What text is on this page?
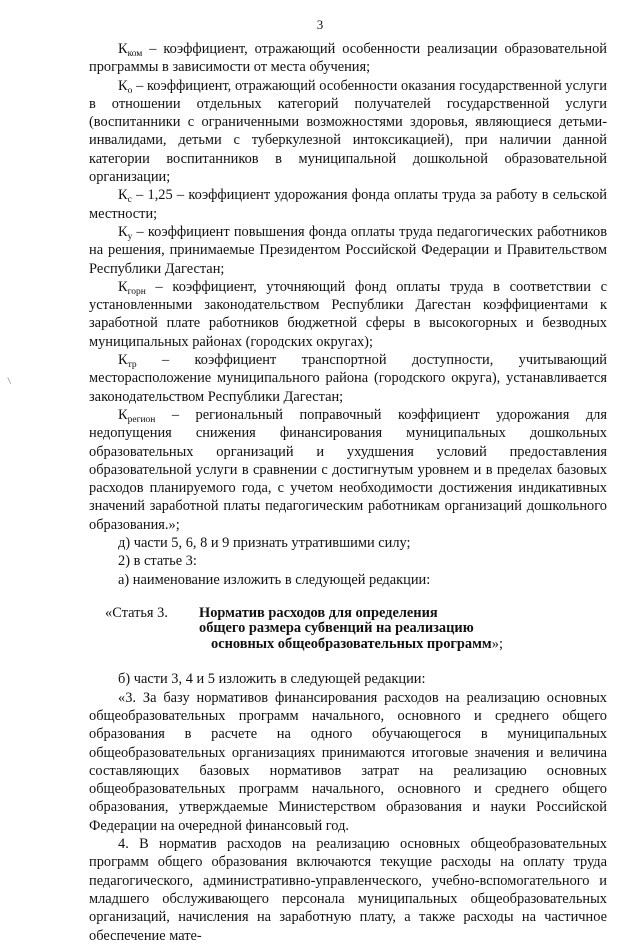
3
\

$К_{ком}$ – коэффициент, отражающий особенности реализации образовательной программы в зависимости от места обучения;

$К_о$ – коэффициент, отражающий особенности оказания государственной услуги в отношении отдельных категорий получателей государственной услуги (воспитанники с ограниченными возможностями здоровья, являющиеся детьми-инвалидами, детьми с туберкулезной интоксикацией), при наличии данной категории воспитанников в муниципальной дошкольной образовательной организации;

$К_с - 1,25$ – коэффициент удорожания фонда оплаты труда за работу в сельской местности;

$К_у$ – коэффициент повышения фонда оплаты труда педагогических работников на решения, принимаемые Президентом Российской Федерации и Правительством Республики Дагестан;

$К_{горн}$ – коэффициент, уточняющий фонд оплаты труда в соответствии с установленными законодательством Республики Дагестан коэффициентами к заработной плате работников бюджетной сферы в высокогорных и безводных муниципальных районах (городских округах);

$К_{тр}$ – коэффициент транспортной доступности, учитывающий месторасположение муниципального района (городского округа), устанавливается законодательством Республики Дагестан;

$К_{регион}$ – региональный поправочный коэффициент удорожания для недопущения снижения финансирования муниципальных дошкольных образовательных организаций и ухудшения условий предоставления образовательной услуги в сравнении с достигнутым уровнем и в пределах базовых расходов планируемого года, с учетом необходимости достижения индикативных значений заработной платы педагогическим работникам организаций дошкольного образования.»;

д) части 5, 6, 8 и 9 признать утратившими силу;

2) в статье 3:

а) наименование изложить в следующей редакции:

«Статья 3. Норматив расходов для определения
общего размера субвенций на реализацию
основных общеобразовательных программ»;

б) части 3, 4 и 5 изложить в следующей редакции:

«3. За базу нормативов финансирования расходов на реализацию основных общеобразовательных программ начального, основного и среднего общего образования в расчете на одного обучающегося в муниципальных общеобразовательных организациях принимаются итоговые значения и величина составляющих базовых нормативов затрат на реализацию основных общеобразовательных программ начального, основного и среднего общего образования, утверждаемые Министерством образования и науки Российской Федерации на очередной финансовый год.

4. В норматив расходов на реализацию основных общеобразовательных программ общего образования включаются текущие расходы на оплату труда педагогического, административно-управленческого, учебно-вспомогательного и младшего обслуживающего персонала муниципальных общеобразовательных организаций, начисления на заработную плату, а также расходы на частичное обеспечение мате-
